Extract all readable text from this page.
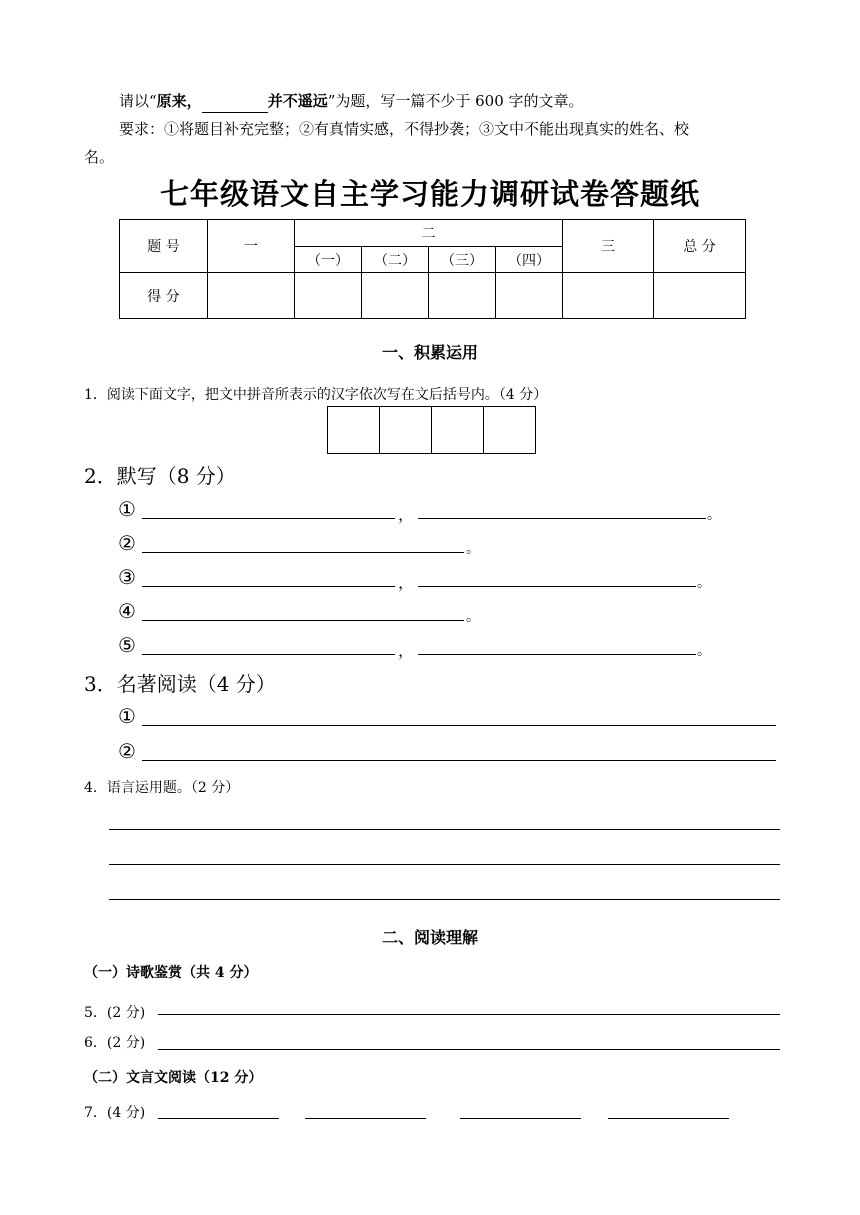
请以“原来，	并不遥远”为题，写一篇不少于 600 字的文章。
要求：①将题目补充完整；②有真情实感，不得抄袭；③文中不能出现真实的姓名、校
名。
七年级语文自主学习能力调研试卷答题纸
题 号	一	二				三	总 分
		（一）	（二）	（三）	（四）		
得 分							
一、积累运用
1．阅读下面文字，把文中拼音所表示的汉字依次写在文后括号内。（4 分）
2．默写（8 分）
①	，	。
②	。
③	，	。
④	。
⑤	，	。
3．名著阅读（4 分）
①
②
4．语言运用题。（2 分）
二、阅读理解
（一）诗歌鉴赏（共 4 分）
5．(2 分)
6．(2 分)
（二）文言文阅读（12 分）
7．(4 分)
